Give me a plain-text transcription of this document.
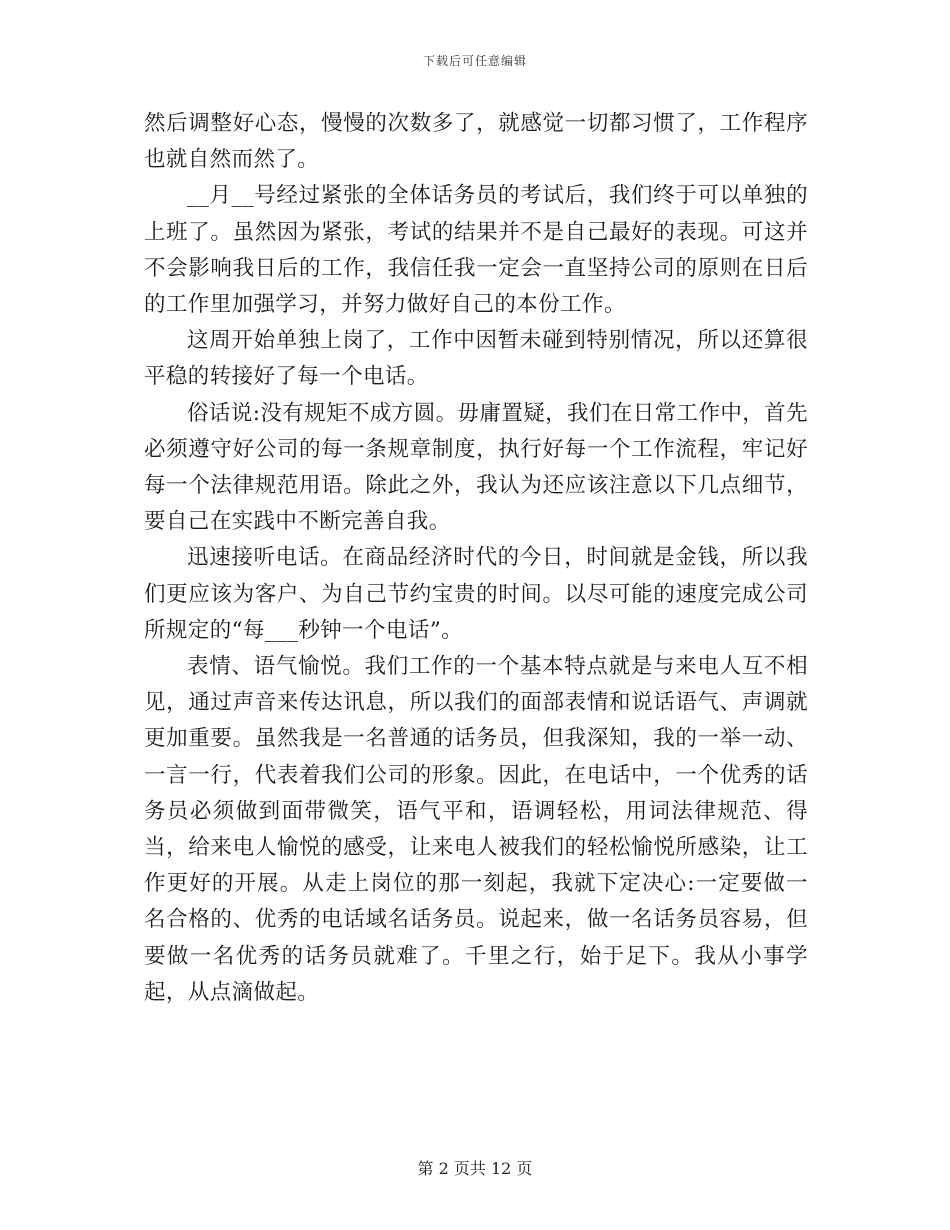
下载后可任意编辑

然后调整好心态，慢慢的次数多了，就感觉一切都习惯了，工作程序也就自然而然了。

__月__号经过紧张的全体话务员的考试后，我们终于可以单独的上班了。虽然因为紧张，考试的结果并不是自己最好的表现。可这并不会影响我日后的工作，我信任我一定会一直坚持公司的原则在日后的工作里加强学习，并努力做好自己的本份工作。

这周开始单独上岗了，工作中因暂未碰到特别情况，所以还算很平稳的转接好了每一个电话。

俗话说:没有规矩不成方圆。毋庸置疑，我们在日常工作中，首先必须遵守好公司的每一条规章制度，执行好每一个工作流程，牢记好每一个法律规范用语。除此之外，我认为还应该注意以下几点细节，要自己在实践中不断完善自我。

迅速接听电话。在商品经济时代的今日，时间就是金钱，所以我们更应该为客户、为自己节约宝贵的时间。以尽可能的速度完成公司所规定的“每___秒钟一个电话”。

表情、语气愉悦。我们工作的一个基本特点就是与来电人互不相见，通过声音来传达讯息，所以我们的面部表情和说话语气、声调就更加重要。虽然我是一名普通的话务员，但我深知，我的一举一动、一言一行，代表着我们公司的形象。因此，在电话中，一个优秀的话务员必须做到面带微笑，语气平和，语调轻松，用词法律规范、得当，给来电人愉悦的感受，让来电人被我们的轻松愉悦所感染，让工作更好的开展。从走上岗位的那一刻起，我就下定决心:一定要做一名合格的、优秀的电话域名话务员。说起来，做一名话务员容易，但要做一名优秀的话务员就难了。千里之行，始于足下。我从小事学起，从点滴做起。

第 2 页共 12 页
